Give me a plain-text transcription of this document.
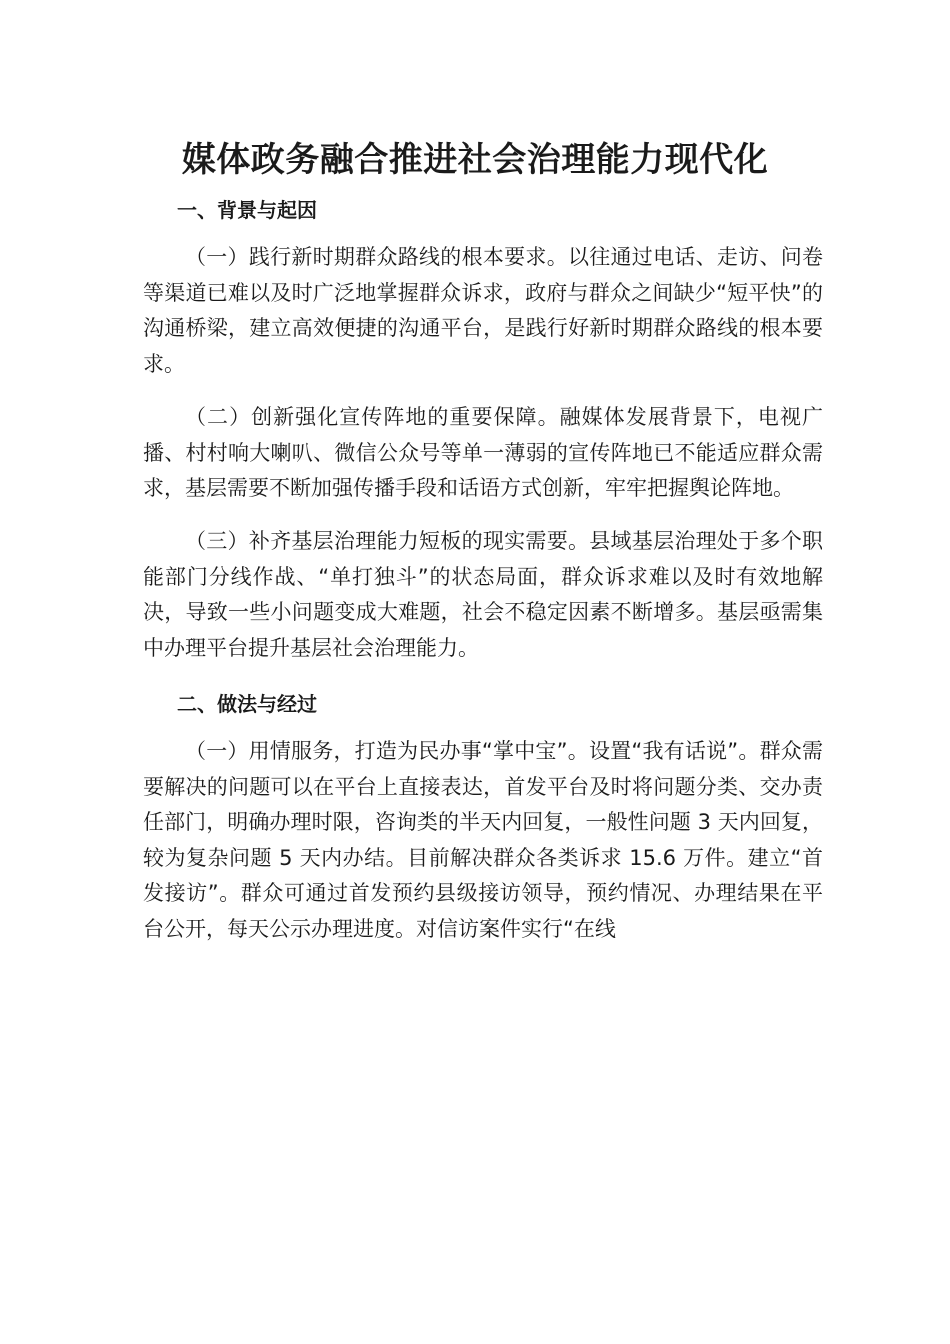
媒体政务融合推进社会治理能力现代化
一、背景与起因

（一）践行新时期群众路线的根本要求。以往通过电话、走访、问卷等渠道已难以及时广泛地掌握群众诉求，政府与群众之间缺少“短平快”的沟通桥梁，建立高效便捷的沟通平台，是践行好新时期群众路线的根本要求。

（二）创新强化宣传阵地的重要保障。融媒体发展背景下，电视广播、村村响大喇叭、微信公众号等单一薄弱的宣传阵地已不能适应群众需求，基层需要不断加强传播手段和话语方式创新，牢牢把握舆论阵地。

（三）补齐基层治理能力短板的现实需要。县域基层治理处于多个职能部门分线作战、“单打独斗”的状态局面，群众诉求难以及时有效地解决，导致一些小问题变成大难题，社会不稳定因素不断增多。基层亟需集中办理平台提升基层社会治理能力。

二、做法与经过

（一）用情服务，打造为民办事“掌中宝”。设置“我有话说”。群众需要解决的问题可以在平台上直接表达，首发平台及时将问题分类、交办责任部门，明确办理时限，咨询类的半天内回复，一般性问题 3 天内回复，较为复杂问题 5 天内办结。目前解决群众各类诉求 15.6 万件。建立“首发接访”。群众可通过首发预约县级接访领导，预约情况、办理结果在平台公开，每天公示办理进度。对信访案件实行“在线
